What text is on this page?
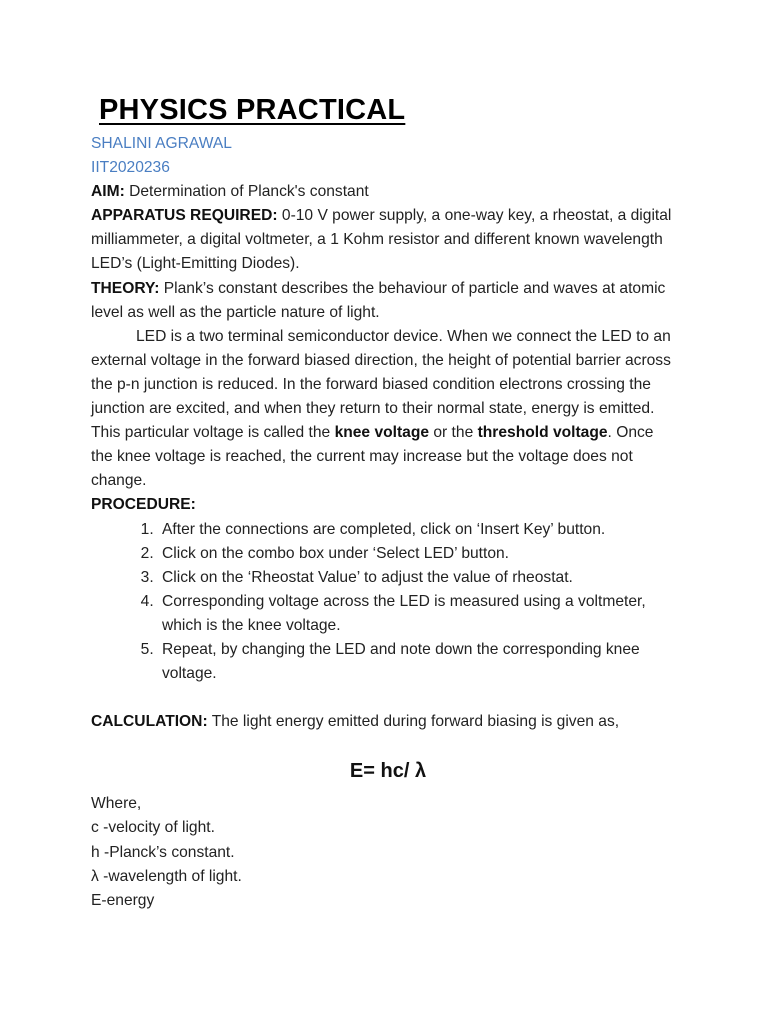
PHYSICS PRACTICAL

SHALINI AGRAWAL

IIT2020236

AIM: Determination of Planck's constant

APPARATUS REQUIRED: 0-10 V power supply, a one-way key, a rheostat, a digital milliammeter, a digital voltmeter, a 1 Kohm resistor and different known wavelength LED’s (Light-Emitting Diodes).

THEORY: Plank’s constant describes the behaviour of particle and waves at atomic level as well as the particle nature of light.

LED is a two terminal semiconductor device. When we connect the LED to an external voltage in the forward biased direction, the height of potential barrier across the p-n junction is reduced. In the forward biased condition electrons crossing the junction are excited, and when they return to their normal state, energy is emitted. This particular voltage is called the knee voltage or the threshold voltage. Once the knee voltage is reached, the current may increase but the voltage does not change.

PROCEDURE:

1. After the connections are completed, click on ‘Insert Key’ button.
2. Click on the combo box under ‘Select LED’ button.
3. Click on the ‘Rheostat Value’ to adjust the value of rheostat.
4. Corresponding voltage across the LED is measured using a voltmeter, which is the knee voltage.
5. Repeat, by changing the LED and note down the corresponding knee voltage.

CALCULATION: The light energy emitted during forward biasing is given as,

E= hc/ λ

Where,

c -velocity of light.

h -Planck’s constant.

λ -wavelength of light.

E-energy
